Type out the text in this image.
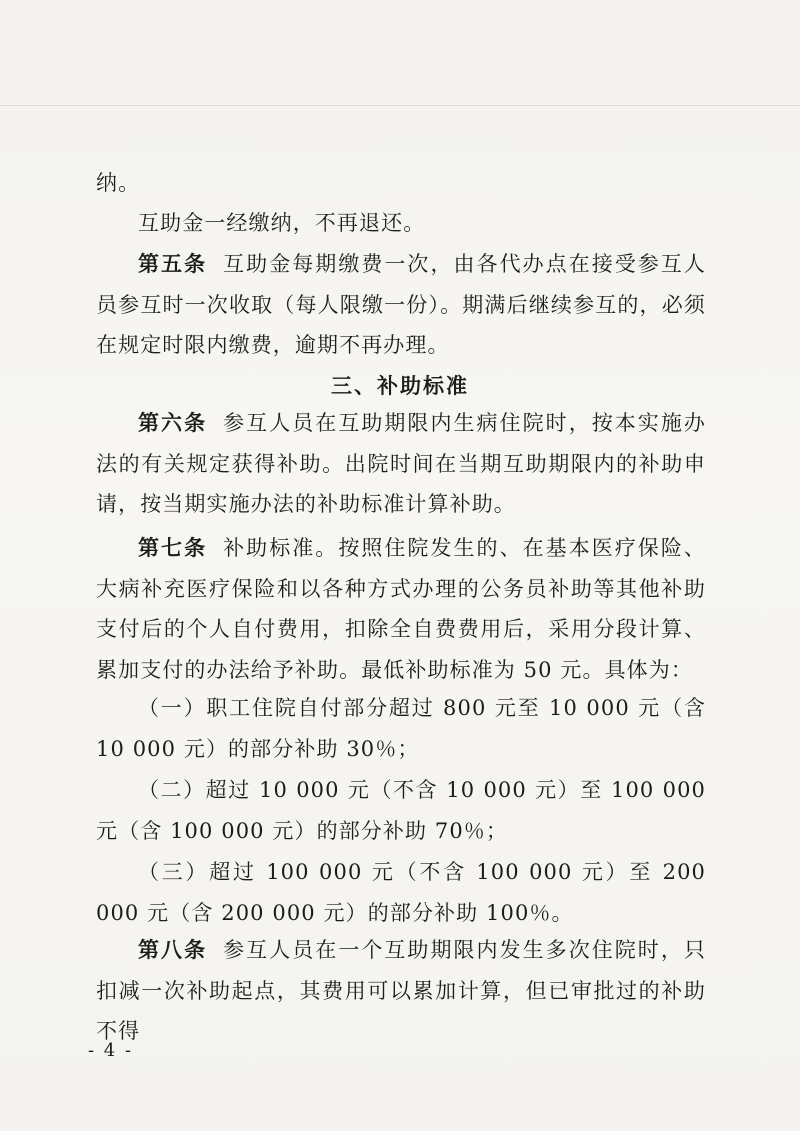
纳。
互助金一经缴纳，不再退还。
第五条 互助金每期缴费一次，由各代办点在接受参互人员参互时一次收取（每人限缴一份）。期满后继续参互的，必须在规定时限内缴费，逾期不再办理。
三、补助标准
第六条 参互人员在互助期限内生病住院时，按本实施办法的有关规定获得补助。出院时间在当期互助期限内的补助申请，按当期实施办法的补助标准计算补助。
第七条 补助标准。按照住院发生的、在基本医疗保险、大病补充医疗保险和以各种方式办理的公务员补助等其他补助支付后的个人自付费用，扣除全自费费用后，采用分段计算、累加支付的办法给予补助。最低补助标准为 50 元。具体为：
（一）职工住院自付部分超过 800 元至 10 000 元（含 10 000 元）的部分补助 30％；
（二）超过 10 000 元（不含 10 000 元）至 100 000 元（含 100 000 元）的部分补助 70％；
（三）超过 100 000 元（不含 100 000 元）至 200 000 元（含 200 000 元）的部分补助 100％。
第八条 参互人员在一个互助期限内发生多次住院时，只扣减一次补助起点，其费用可以累加计算，但已审批过的补助不得
- 4 -
